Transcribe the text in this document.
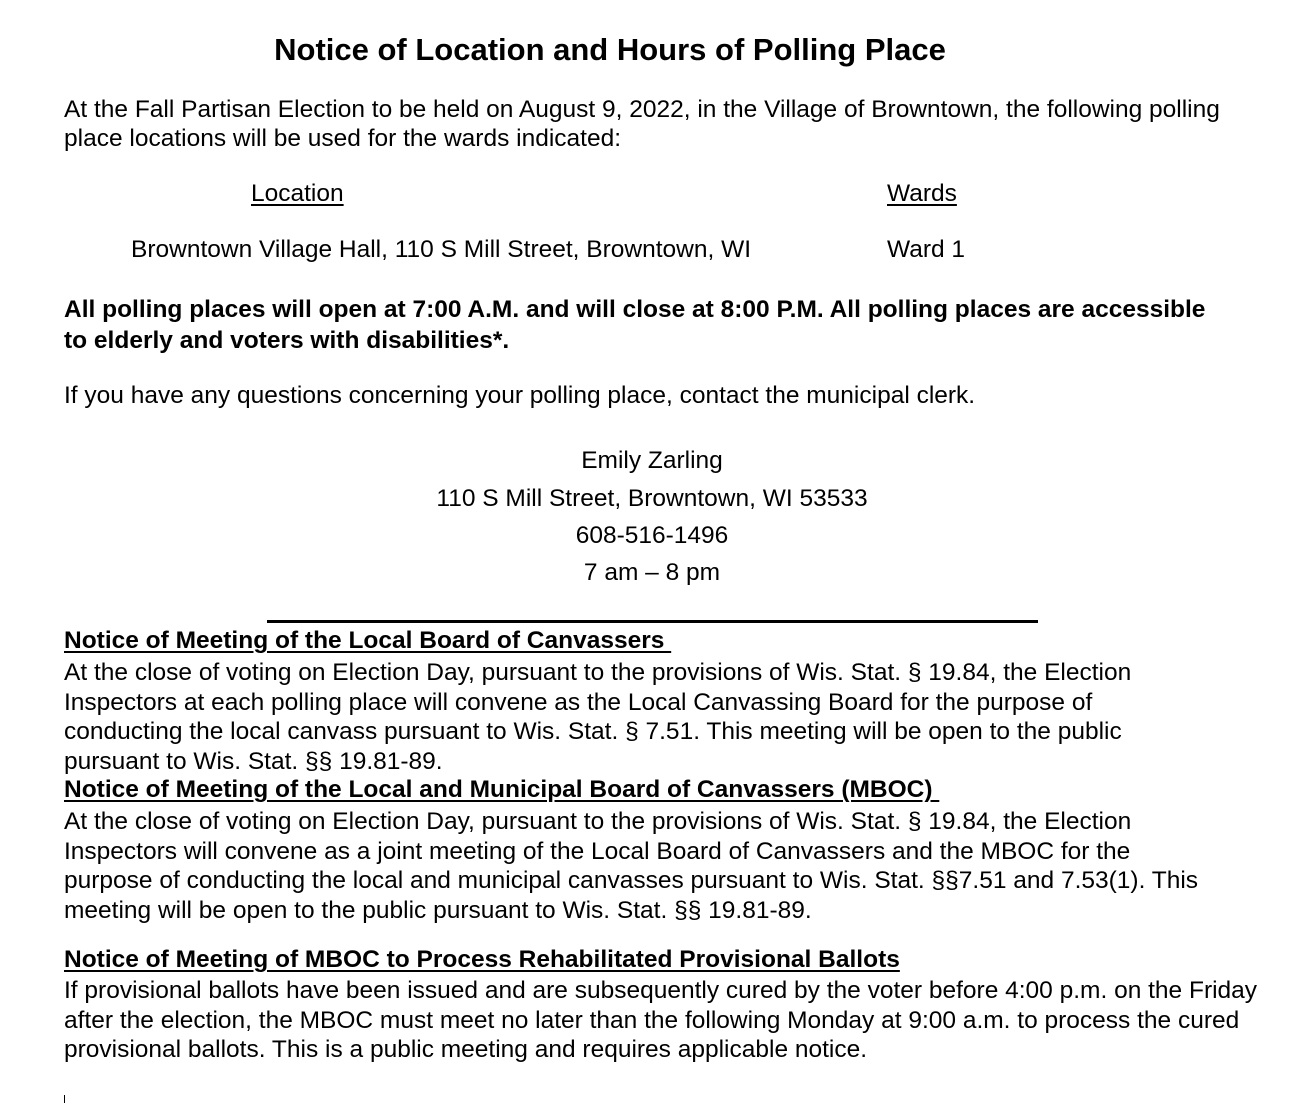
Notice of Location and Hours of Polling Place
At the Fall Partisan Election to be held on August 9, 2022, in the Village of Browntown, the following polling place locations will be used for the wards indicated:
Location	Wards
Browntown Village Hall, 110 S Mill Street, Browntown, WI	Ward 1
All polling places will open at 7:00 A.M. and will close at 8:00 P.M. All polling places are accessible to elderly and voters with disabilities*.
If you have any questions concerning your polling place, contact the municipal clerk.
Emily Zarling
110 S Mill Street, Browntown, WI 53533
608-516-1496
7 am – 8 pm
Notice of Meeting of the Local Board of Canvassers
At the close of voting on Election Day, pursuant to the provisions of Wis. Stat. § 19.84, the Election Inspectors at each polling place will convene as the Local Canvassing Board for the purpose of conducting the local canvass pursuant to Wis. Stat. § 7.51. This meeting will be open to the public pursuant to Wis. Stat. §§ 19.81-89.
Notice of Meeting of the Local and Municipal Board of Canvassers (MBOC)
At the close of voting on Election Day, pursuant to the provisions of Wis. Stat. § 19.84, the Election Inspectors will convene as a joint meeting of the Local Board of Canvassers and the MBOC for the purpose of conducting the local and municipal canvasses pursuant to Wis. Stat. §§7.51 and 7.53(1). This meeting will be open to the public pursuant to Wis. Stat. §§ 19.81-89.
Notice of Meeting of MBOC to Process Rehabilitated Provisional Ballots
If provisional ballots have been issued and are subsequently cured by the voter before 4:00 p.m. on the Friday after the election, the MBOC must meet no later than the following Monday at 9:00 a.m. to process the cured provisional ballots. This is a public meeting and requires applicable notice.
